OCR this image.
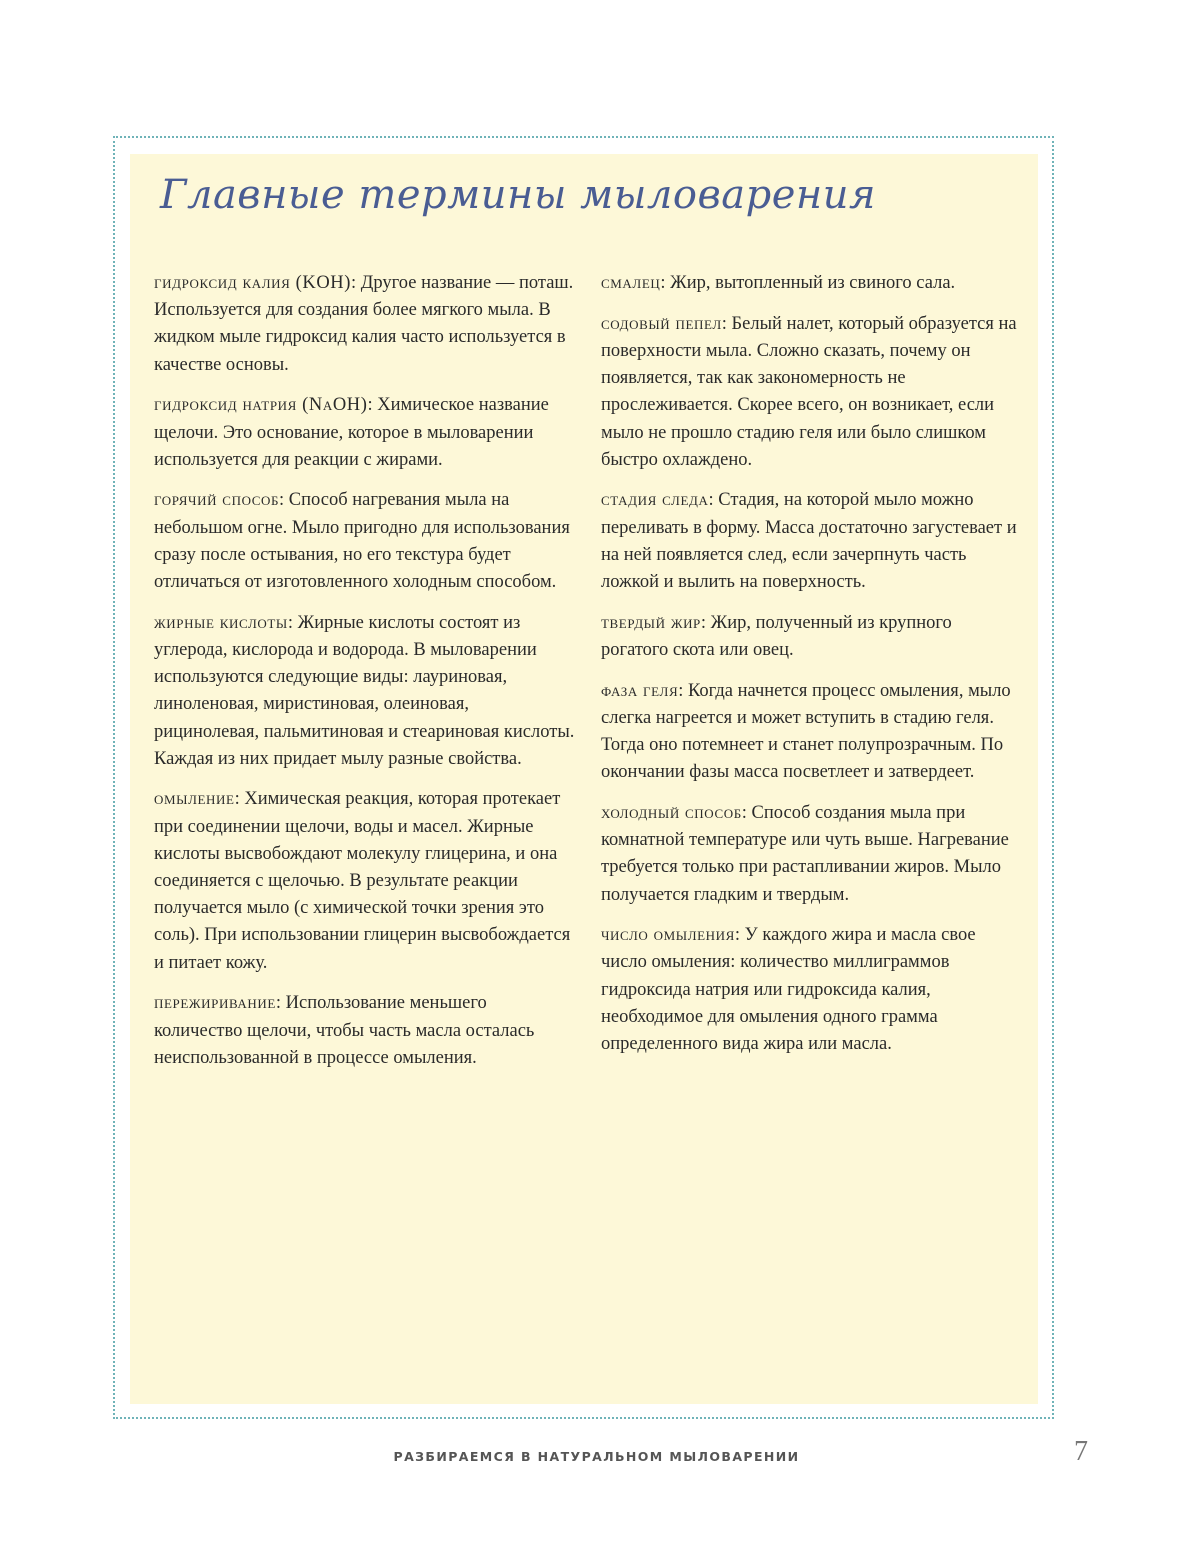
Главные термины мыловарения

гидроксид калия (KOH): Другое название — поташ. Используется для создания более мягкого мыла. В жидком мыле гидроксид калия часто используется в качестве основы.

гидроксид натрия (NaOH): Химическое название щелочи. Это основание, которое в мыловарении используется для реакции с жирами.

горячий способ: Способ нагревания мыла на небольшом огне. Мыло пригодно для использования сразу после остывания, но его текстура будет отличаться от изготовленного холодным способом.

жирные кислоты: Жирные кислоты состоят из углерода, кислорода и водорода. В мыловарении используются следующие виды: лауриновая, линоленовая, миристиновая, олеиновая, рицинолевая, пальмитиновая и стеариновая кислоты. Каждая из них придает мылу разные свойства.

омыление: Химическая реакция, которая протекает при соединении щелочи, воды и масел. Жирные кислоты высвобождают молекулу глицерина, и она соединяется с щелочью. В результате реакции получается мыло (с химической точки зрения это соль). При использовании глицерин высвобождается и питает кожу.

пережиривание: Использование меньшего количество щелочи, чтобы часть масла осталась неиспользованной в процессе омыления.

смалец: Жир, вытопленный из свиного сала.

содовый пепел: Белый налет, который образуется на поверхности мыла. Сложно сказать, почему он появляется, так как закономерность не прослеживается. Скорее всего, он возникает, если мыло не прошло стадию геля или было слишком быстро охлаждено.

стадия следа: Стадия, на которой мыло можно переливать в форму. Масса достаточно загустевает и на ней появляется след, если зачерпнуть часть ложкой и вылить на поверхность.

твердый жир: Жир, полученный из крупного рогатого скота или овец.

фаза геля: Когда начнется процесс омыления, мыло слегка нагреется и может вступить в стадию геля. Тогда оно потемнеет и станет полупрозрачным. По окончании фазы масса посветлеет и затвердеет.

холодный способ: Способ создания мыла при комнатной температуре или чуть выше. Нагревание требуется только при растапливании жиров. Мыло получается гладким и твердым.

число омыления: У каждого жира и масла свое число омыления: количество миллиграммов гидроксида натрия или гидроксида калия, необходимое для омыления одного грамма определенного вида жира или масла.

РАЗБИРАЕМСЯ В НАТУРАЛЬНОМ МЫЛОВАРЕНИИ	7
